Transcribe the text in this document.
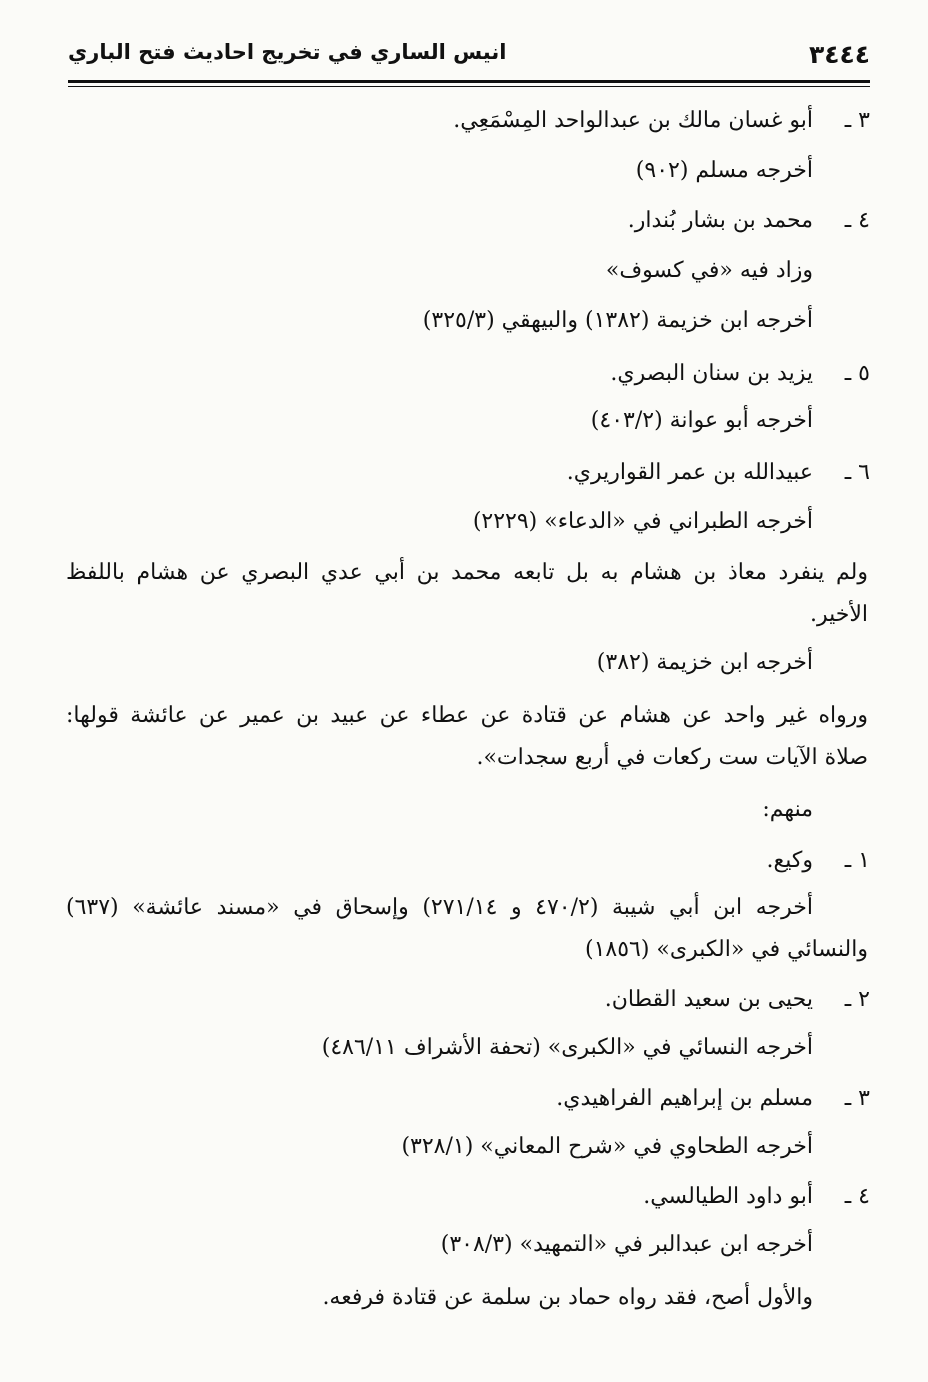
٣٤٤٤
انيس الساري في تخريج احاديث فتح الباري
٣ ـ
أبو غسان مالك بن عبدالواحد المِسْمَعِي.
أخرجه مسلم (٩٠٢)
٤ ـ
محمد بن بشار بُندار.
وزاد فيه «في كسوف»
أخرجه ابن خزيمة (١٣٨٢) والبيهقي (٣٢٥/٣)
٥ ـ
يزيد بن سنان البصري.
أخرجه أبو عوانة (٤٠٣/٢)
٦ ـ
عبيدالله بن عمر القواريري.
أخرجه الطبراني في «الدعاء» (٢٢٢٩)
ولم ينفرد معاذ بن هشام به بل تابعه محمد بن أبي عدي البصري عن هشام باللفظ
الأخير.
أخرجه ابن خزيمة (٣٨٢)
ورواه غير واحد عن هشام عن قتادة عن عطاء عن عبيد بن عمير عن عائشة قولها:
صلاة الآيات ست ركعات في أربع سجدات».
منهم:
١ ـ
وكيع.
أخرجه ابن أبي شيبة (٤٧٠/٢ و ٢٧١/١٤) وإسحاق في «مسند عائشة» (٦٣٧)
والنسائي في «الكبرى» (١٨٥٦)
٢ ـ
يحيى بن سعيد القطان.
أخرجه النسائي في «الكبرى» (تحفة الأشراف ٤٨٦/١١)
٣ ـ
مسلم بن إبراهيم الفراهيدي.
أخرجه الطحاوي في «شرح المعاني» (٣٢٨/١)
٤ ـ
أبو داود الطيالسي.
أخرجه ابن عبدالبر في «التمهيد» (٣٠٨/٣)
والأول أصح، فقد رواه حماد بن سلمة عن قتادة فرفعه.
